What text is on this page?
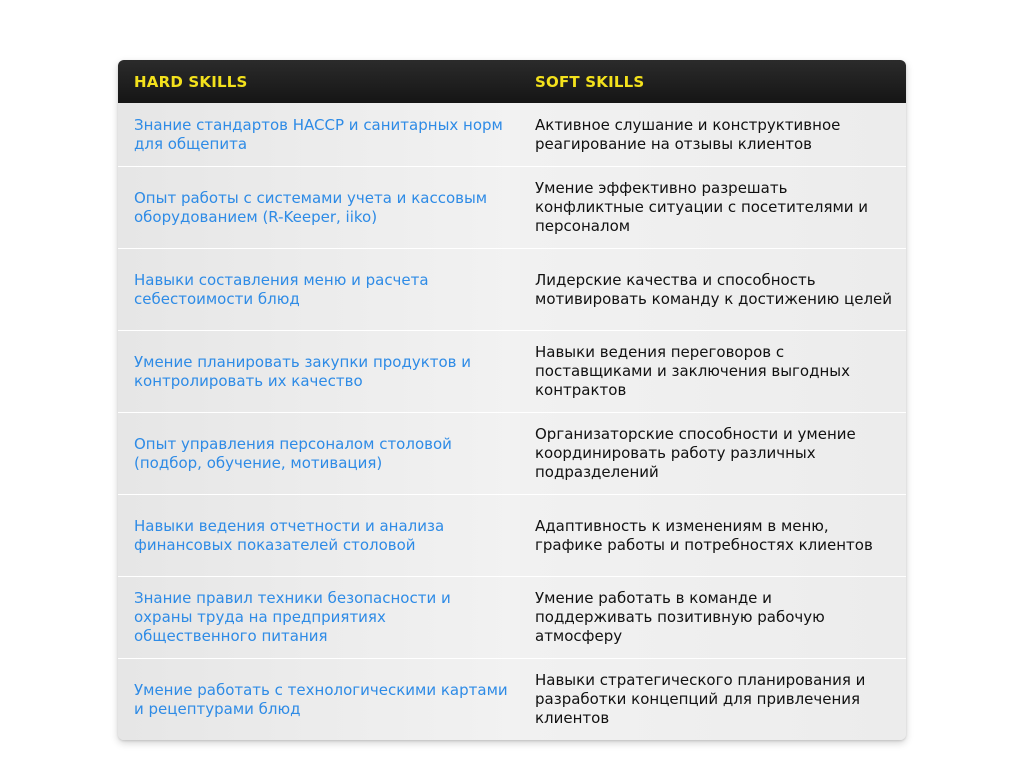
HARD SKILLS	SOFT SKILLS
Знание стандартов HACCP и санитарных норм для общепита
Активное слушание и конструктивное реагирование на отзывы клиентов
Опыт работы с системами учета и кассовым оборудованием (R-Keeper, iiko)
Умение эффективно разрешать конфликтные ситуации с посетителями и персоналом
Навыки составления меню и расчета себестоимости блюд
Лидерские качества и способность мотивировать команду к достижению целей
Умение планировать закупки продуктов и контролировать их качество
Навыки ведения переговоров с поставщиками и заключения выгодных контрактов
Опыт управления персоналом столовой (подбор, обучение, мотивация)
Организаторские способности и умение координировать работу различных подразделений
Навыки ведения отчетности и анализа финансовых показателей столовой
Адаптивность к изменениям в меню, графике работы и потребностях клиентов
Знание правил техники безопасности и охраны труда на предприятиях общественного питания
Умение работать в команде и поддерживать позитивную рабочую атмосферу
Умение работать с технологическими картами и рецептурами блюд
Навыки стратегического планирования и разработки концепций для привлечения клиентов
